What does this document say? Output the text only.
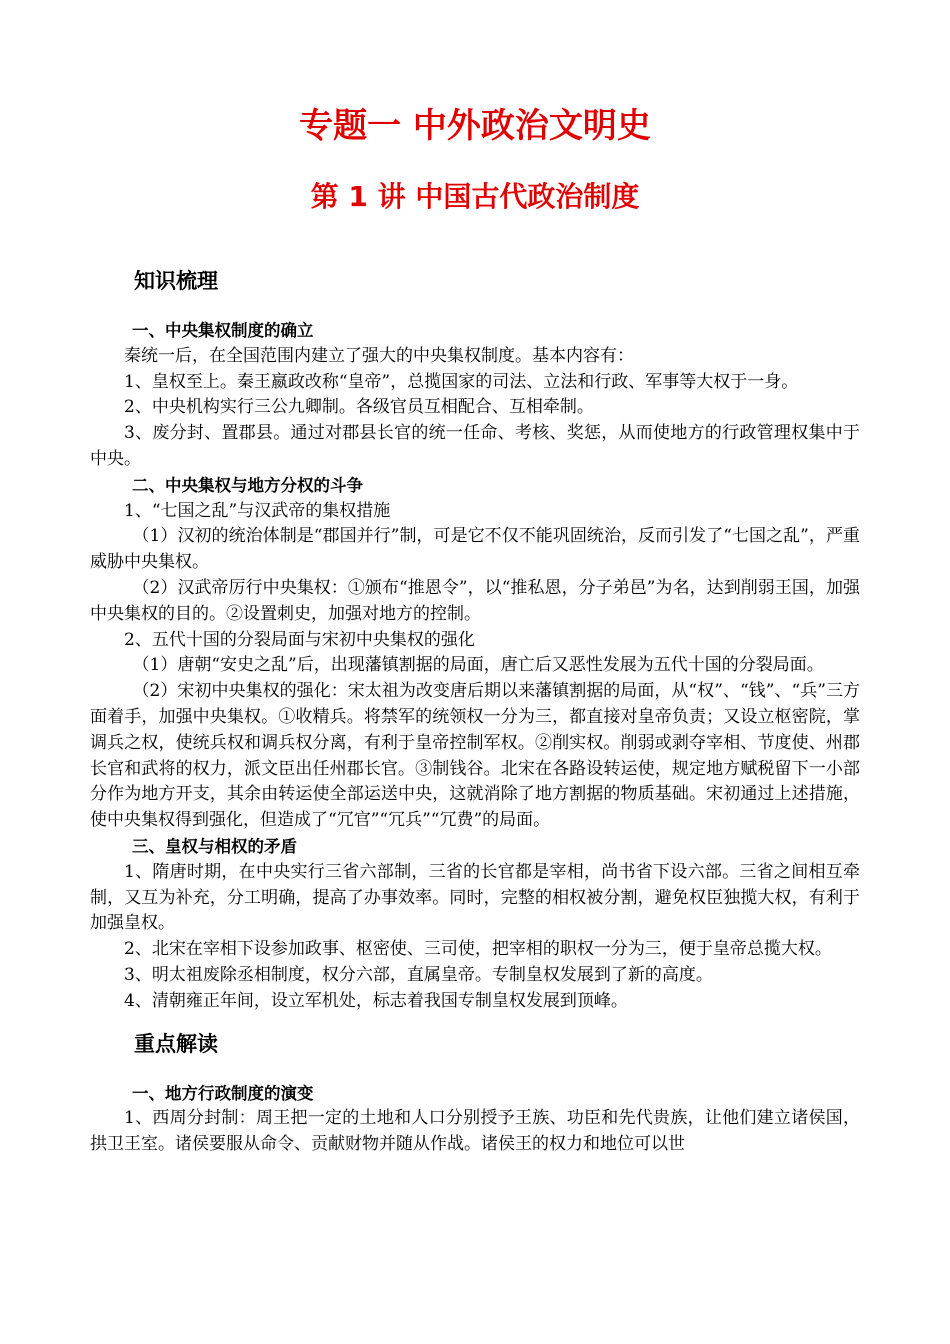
专题一 中外政治文明史
第 1 讲 中国古代政治制度
知识梳理
一、中央集权制度的确立

秦统一后，在全国范围内建立了强大的中央集权制度。基本内容有：

1、皇权至上。秦王嬴政改称“皇帝”，总揽国家的司法、立法和行政、军事等大权于一身。

2、中央机构实行三公九卿制。各级官员互相配合、互相牵制。

3、废分封、置郡县。通过对郡县长官的统一任命、考核、奖惩，从而使地方的行政管理权集中于中央。

二、中央集权与地方分权的斗争

1、“七国之乱”与汉武帝的集权措施

（1）汉初的统治体制是“郡国并行”制，可是它不仅不能巩固统治，反而引发了“七国之乱”，严重威胁中央集权。

（2）汉武帝厉行中央集权：①颁布“推恩令”，以“推私恩，分子弟邑”为名，达到削弱王国，加强中央集权的目的。②设置刺史，加强对地方的控制。

2、五代十国的分裂局面与宋初中央集权的强化

（1）唐朝“安史之乱”后，出现藩镇割据的局面，唐亡后又恶性发展为五代十国的分裂局面。

（2）宋初中央集权的强化：宋太祖为改变唐后期以来藩镇割据的局面，从“权”、“钱”、“兵”三方面着手，加强中央集权。①收精兵。将禁军的统领权一分为三，都直接对皇帝负责；又设立枢密院，掌调兵之权，使统兵权和调兵权分离，有利于皇帝控制军权。②削实权。削弱或剥夺宰相、节度使、州郡长官和武将的权力，派文臣出任州郡长官。③制钱谷。北宋在各路设转运使，规定地方赋税留下一小部分作为地方开支，其余由转运使全部运送中央，这就消除了地方割据的物质基础。宋初通过上述措施，使中央集权得到强化，但造成了“冗官”“冗兵”“冗费”的局面。

三、皇权与相权的矛盾

1、隋唐时期，在中央实行三省六部制，三省的长官都是宰相，尚书省下设六部。三省之间相互牵制，又互为补充，分工明确，提高了办事效率。同时，完整的相权被分割，避免权臣独揽大权，有利于加强皇权。

2、北宋在宰相下设参加政事、枢密使、三司使，把宰相的职权一分为三，便于皇帝总揽大权。

3、明太祖废除丞相制度，权分六部，直属皇帝。专制皇权发展到了新的高度。

4、清朝雍正年间，设立军机处，标志着我国专制皇权发展到顶峰。

重点解读
一、地方行政制度的演变

1、西周分封制：周王把一定的土地和人口分别授予王族、功臣和先代贵族，让他们建立诸侯国，拱卫王室。诸侯要服从命令、贡献财物并随从作战。诸侯王的权力和地位可以世
